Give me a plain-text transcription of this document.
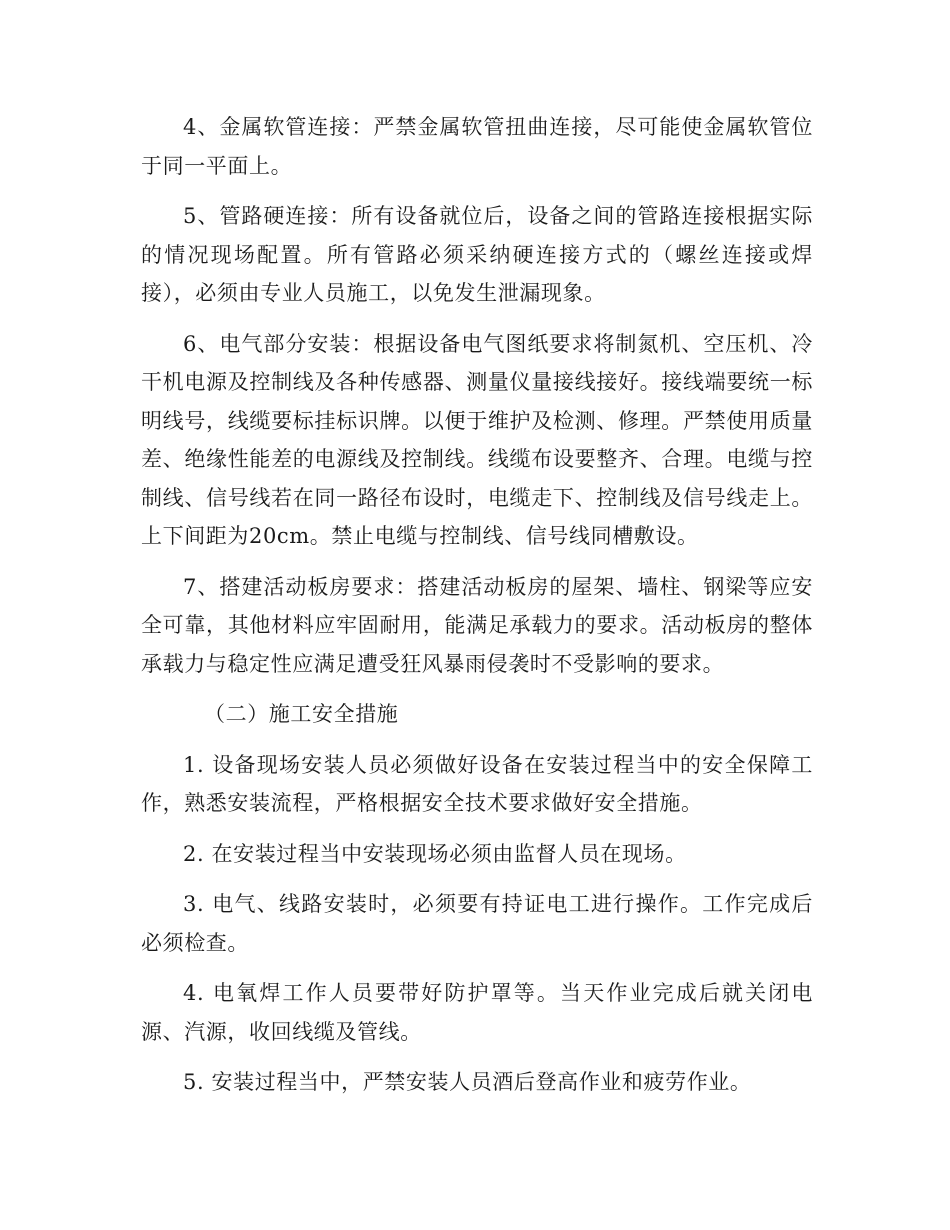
4、金属软管连接：严禁金属软管扭曲连接，尽可能使金属软管位于同一平面上。

5、管路硬连接：所有设备就位后，设备之间的管路连接根据实际的情况现场配置。所有管路必须采纳硬连接方式的（螺丝连接或焊接），必须由专业人员施工，以免发生泄漏现象。

6、电气部分安装：根据设备电气图纸要求将制氮机、空压机、冷干机电源及控制线及各种传感器、测量仪量接线接好。接线端要统一标明线号，线缆要标挂标识牌。以便于维护及检测、修理。严禁使用质量差、绝缘性能差的电源线及控制线。线缆布设要整齐、合理。电缆与控制线、信号线若在同一路径布设时，电缆走下、控制线及信号线走上。上下间距为20cm。禁止电缆与控制线、信号线同槽敷设。

7、搭建活动板房要求：搭建活动板房的屋架、墙柱、钢梁等应安全可靠，其他材料应牢固耐用，能满足承载力的要求。活动板房的整体承载力与稳定性应满足遭受狂风暴雨侵袭时不受影响的要求。

（二）施工安全措施

1. 设备现场安装人员必须做好设备在安装过程当中的安全保障工作，熟悉安装流程，严格根据安全技术要求做好安全措施。

2. 在安装过程当中安装现场必须由监督人员在现场。

3. 电气、线路安装时，必须要有持证电工进行操作。工作完成后必须检查。

4. 电氧焊工作人员要带好防护罩等。当天作业完成后就关闭电源、汽源，收回线缆及管线。

5. 安装过程当中，严禁安装人员酒后登高作业和疲劳作业。
